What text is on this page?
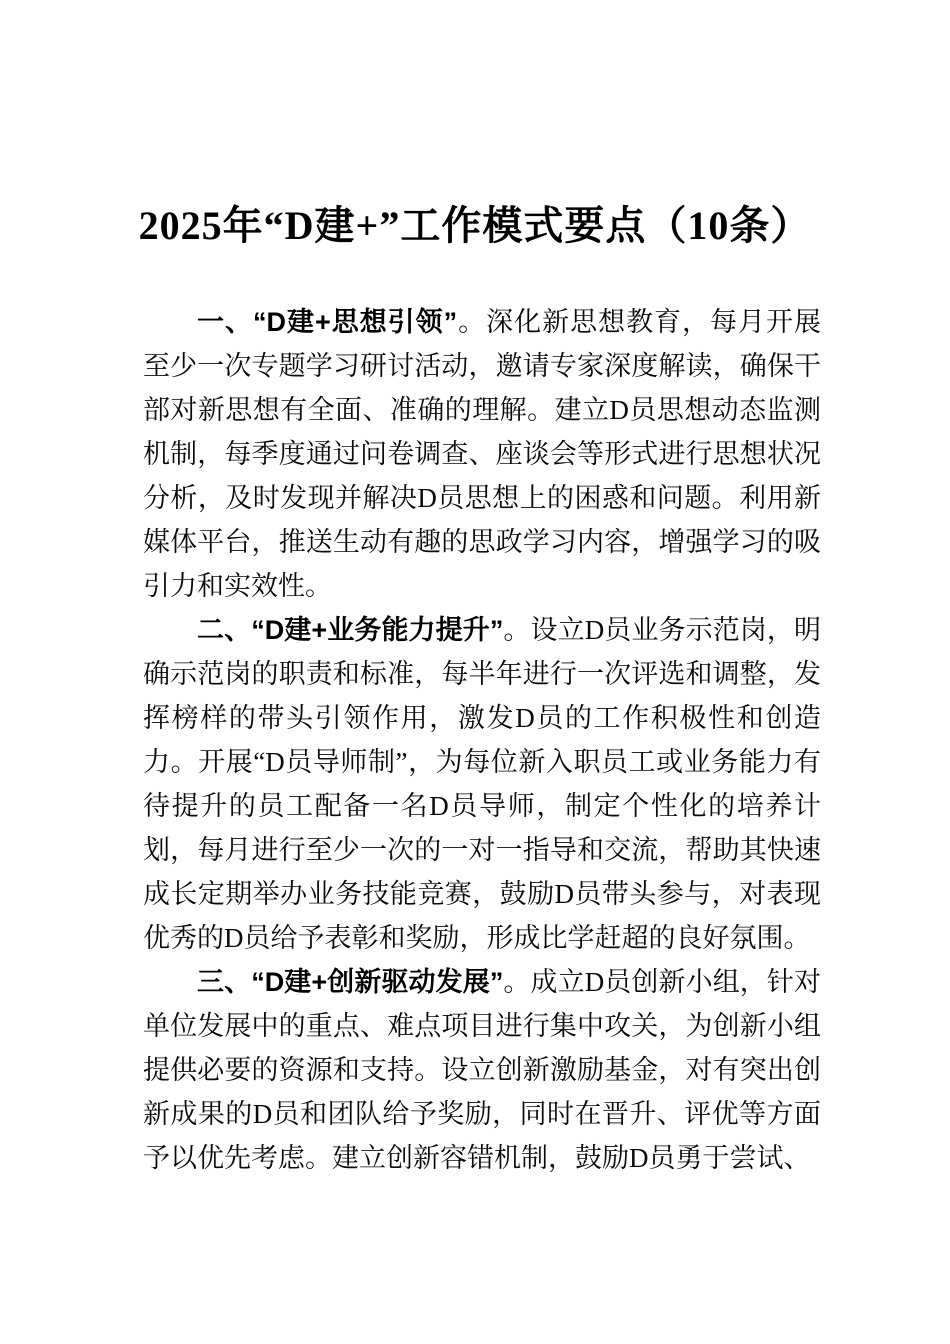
2025年“D建+”工作模式要点（10条）

一、“D建+思想引领”。深化新思想教育，每月开展至少一次专题学习研讨活动，邀请专家深度解读，确保干部对新思想有全面、准确的理解。建立D员思想动态监测机制，每季度通过问卷调查、座谈会等形式进行思想状况分析，及时发现并解决D员思想上的困惑和问题。利用新媒体平台，推送生动有趣的思政学习内容，增强学习的吸引力和实效性。

二、“D建+业务能力提升”。设立D员业务示范岗，明确示范岗的职责和标准，每半年进行一次评选和调整，发挥榜样的带头引领作用，激发D员的工作积极性和创造力。开展“D员导师制”，为每位新入职员工或业务能力有待提升的员工配备一名D员导师，制定个性化的培养计划，每月进行至少一次的一对一指导和交流，帮助其快速成长定期举办业务技能竞赛，鼓励D员带头参与，对表现优秀的D员给予表彰和奖励，形成比学赶超的良好氛围。

三、“D建+创新驱动发展”。成立D员创新小组，针对单位发展中的重点、难点项目进行集中攻关，为创新小组提供必要的资源和支持。设立创新激励基金，对有突出创新成果的D员和团队给予奖励，同时在晋升、评优等方面予以优先考虑。建立创新容错机制，鼓励D员勇于尝试、
